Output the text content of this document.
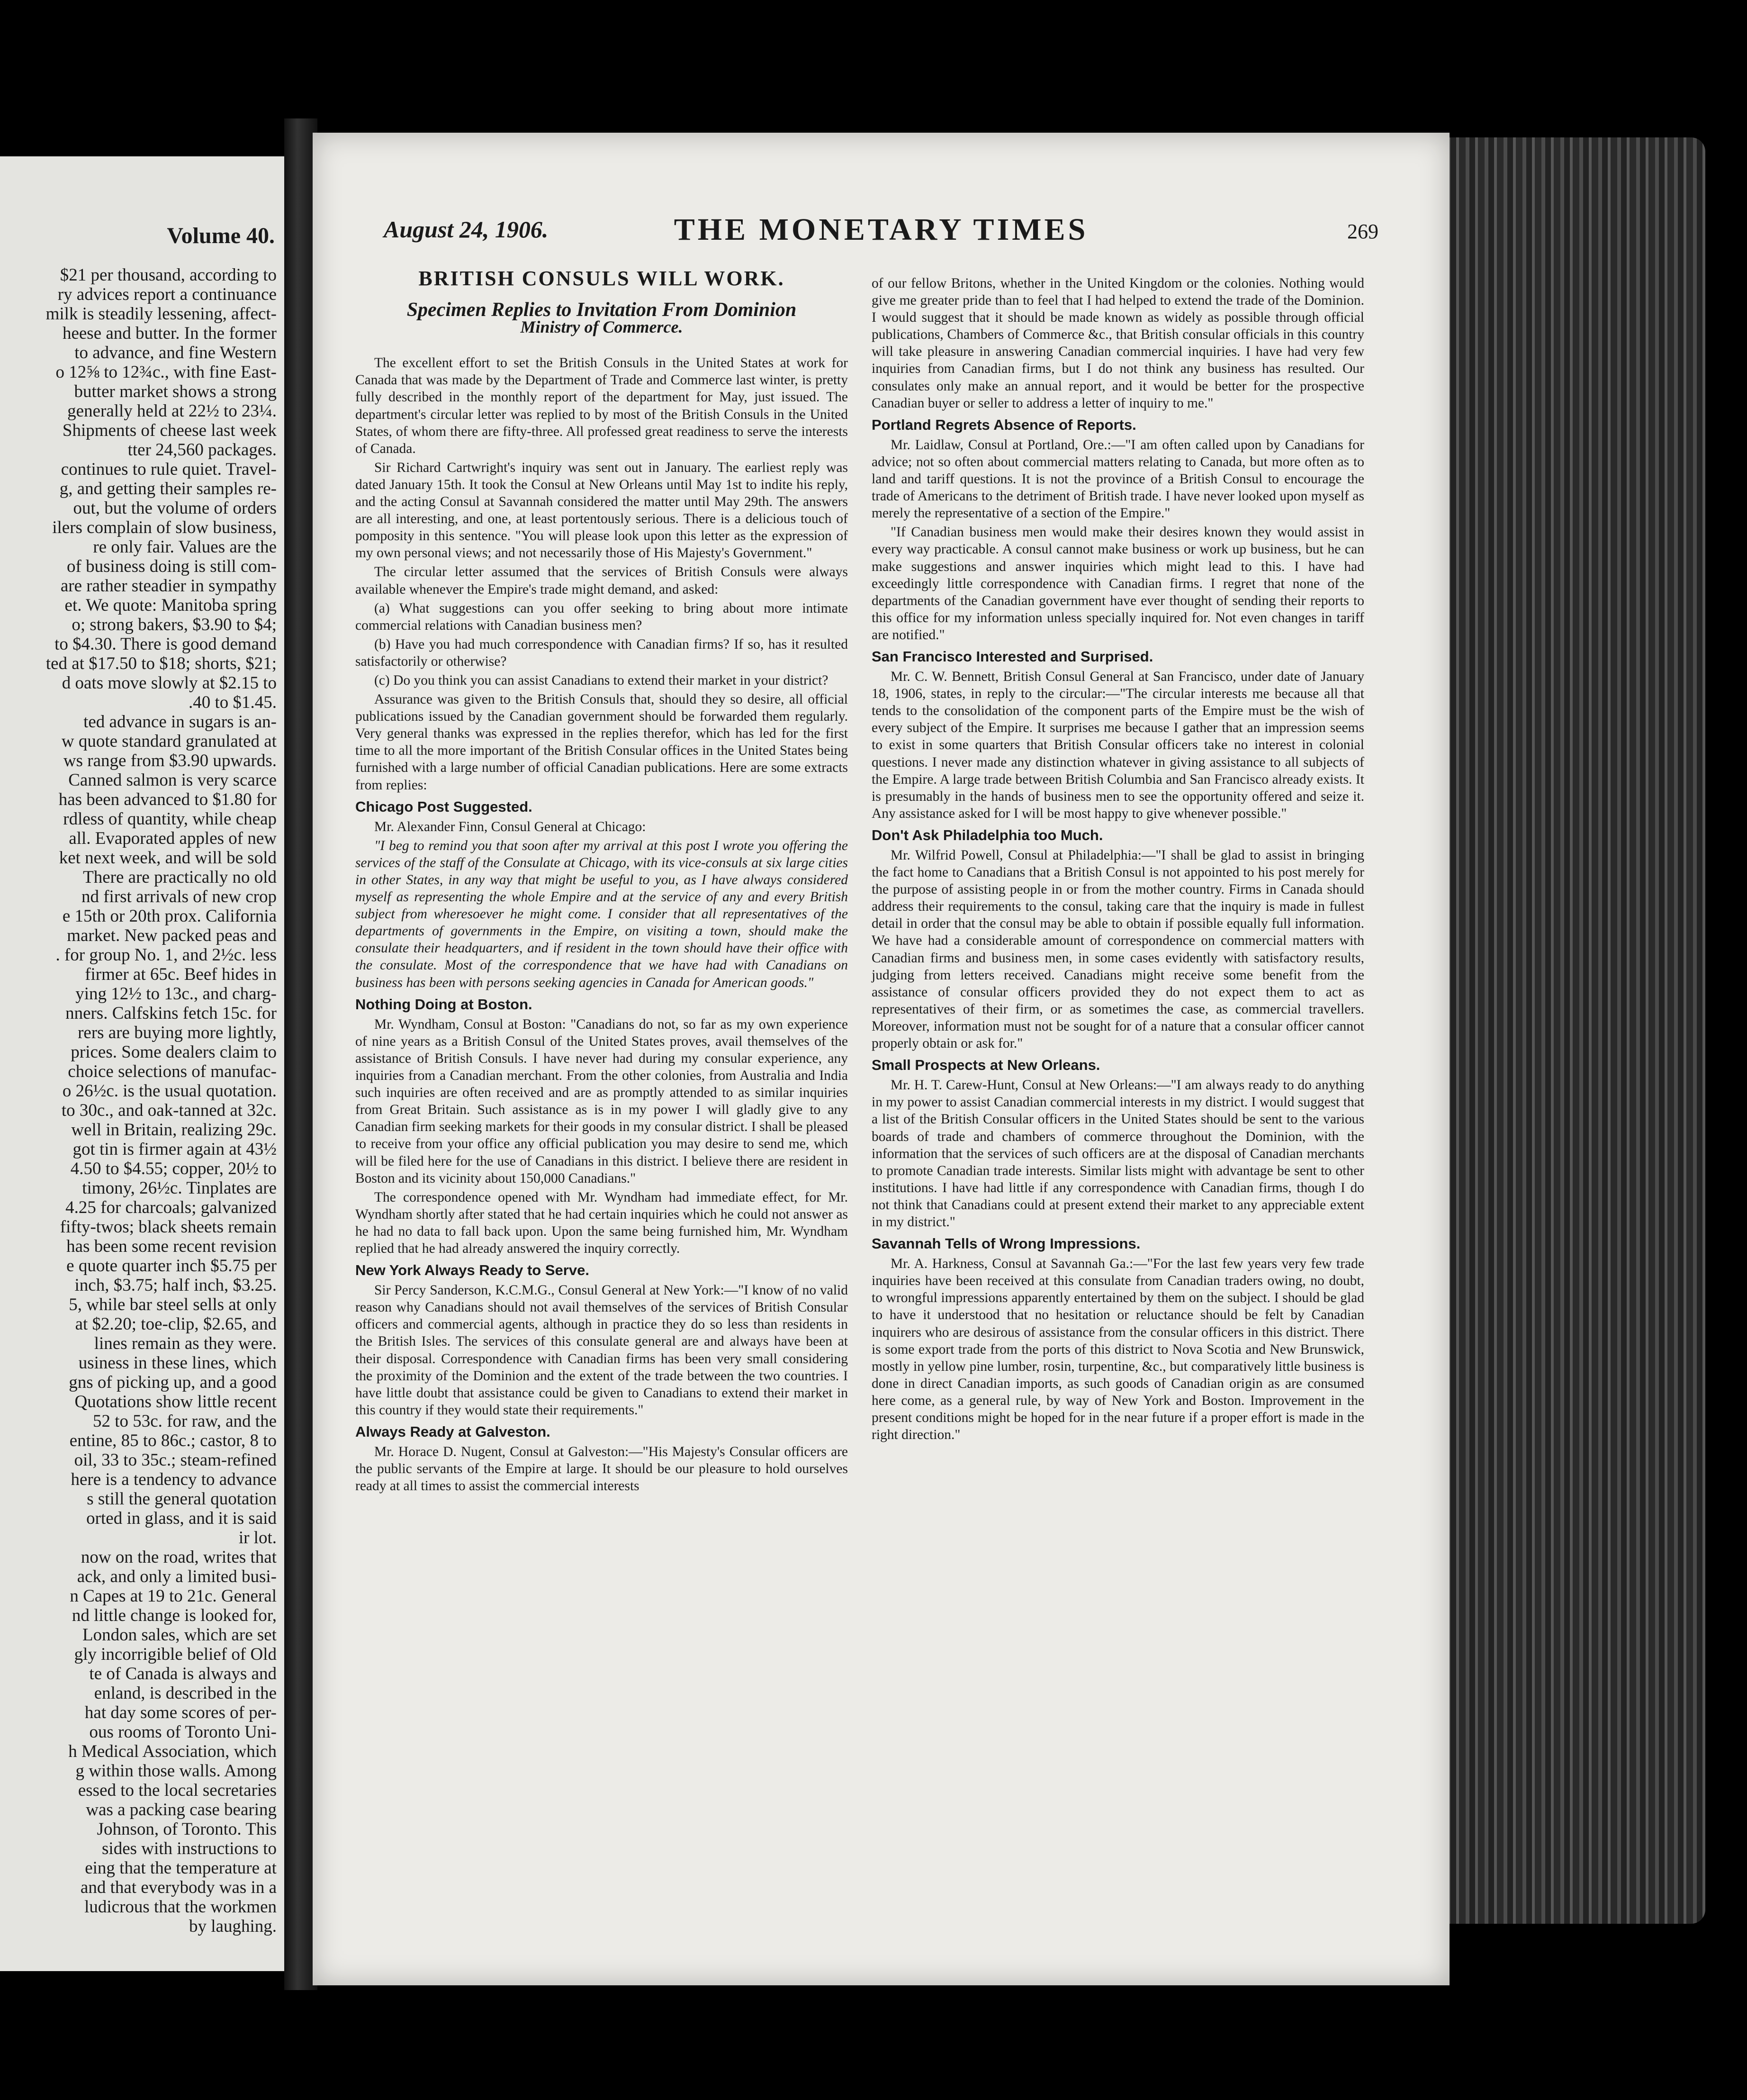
Volume 40.
$21 per thousand, according to
ry advices report a continuance
milk is steadily lessening, affect-
heese and butter. In the former
to advance, and fine Western
o 12⅝ to 12¾c., with fine East-
butter market shows a strong
generally held at 22½ to 23¼.
Shipments of cheese last week
tter 24,560 packages.
continues to rule quiet. Travel-
g, and getting their samples re-
out, but the volume of orders
ilers complain of slow business,
re only fair. Values are the
of business doing is still com-
are rather steadier in sympathy
et. We quote: Manitoba spring
o; strong bakers, $3.90 to $4;
to $4.30. There is good demand
ted at $17.50 to $18; shorts, $21;
d oats move slowly at $2.15 to
.40 to $1.45.
ted advance in sugars is an-
w quote standard granulated at
ws range from $3.90 upwards.
Canned salmon is very scarce
has been advanced to $1.80 for
rdless of quantity, while cheap
all. Evaporated apples of new
ket next week, and will be sold
There are practically no old
nd first arrivals of new crop
e 15th or 20th prox. California
market. New packed peas and
. for group No. 1, and 2½c. less
firmer at 65c. Beef hides in
ying 12½ to 13c., and charg-
nners. Calfskins fetch 15c. for
rers are buying more lightly,
prices. Some dealers claim to
choice selections of manufac-
o 26½c. is the usual quotation.
to 30c., and oak-tanned at 32c.
well in Britain, realizing 29c.
got tin is firmer again at 43½
4.50 to $4.55; copper, 20½ to
timony, 26½c. Tinplates are
4.25 for charcoals; galvanized
fifty-twos; black sheets remain
has been some recent revision
e quote quarter inch $5.75 per
inch, $3.75; half inch, $3.25.
5, while bar steel sells at only
at $2.20; toe-clip, $2.65, and
lines remain as they were.
usiness in these lines, which
gns of picking up, and a good
Quotations show little recent
52 to 53c. for raw, and the
entine, 85 to 86c.; castor, 8 to
oil, 33 to 35c.; steam-refined
here is a tendency to advance
s still the general quotation
orted in glass, and it is said
ir lot.
now on the road, writes that
ack, and only a limited busi-
n Capes at 19 to 21c. General
nd little change is looked for,
London sales, which are set
gly incorrigible belief of Old
te of Canada is always and
enland, is described in the
hat day some scores of per-
ous rooms of Toronto Uni-
h Medical Association, which
g within those walls. Among
essed to the local secretaries
was a packing case bearing
Johnson, of Toronto. This
sides with instructions to
eing that the temperature at
and that everybody was in a
ludicrous that the workmen
by laughing.
August 24, 1906.	THE MONETARY TIMES	269
BRITISH CONSULS WILL WORK.
Specimen Replies to Invitation From Dominion
Ministry of Commerce.

The excellent effort to set the British Consuls in the United States at work for Canada that was made by the Department of Trade and Commerce last winter, is pretty fully described in the monthly report of the department for May, just issued. The department's circular letter was replied to by most of the British Consuls in the United States, of whom there are fifty-three. All professed great readiness to serve the interests of Canada.

Sir Richard Cartwright's inquiry was sent out in January. The earliest reply was dated January 15th. It took the Consul at New Orleans until May 1st to indite his reply, and the acting Consul at Savannah considered the matter until May 29th. The answers are all interesting, and one, at least portentously serious. There is a delicious touch of pomposity in this sentence. "You will please look upon this letter as the expression of my own personal views; and not necessarily those of His Majesty's Government."

The circular letter assumed that the services of British Consuls were always available whenever the Empire's trade might demand, and asked:

(a) What suggestions can you offer seeking to bring about more intimate commercial relations with Canadian business men?

(b) Have you had much correspondence with Canadian firms? If so, has it resulted satisfactorily or otherwise?

(c) Do you think you can assist Canadians to extend their market in your district?

Assurance was given to the British Consuls that, should they so desire, all official publications issued by the Canadian government should be forwarded them regularly. Very general thanks was expressed in the replies therefor, which has led for the first time to all the more important of the British Consular offices in the United States being furnished with a large number of official Canadian publications. Here are some extracts from replies:

Chicago Post Suggested.

Mr. Alexander Finn, Consul General at Chicago:

"I beg to remind you that soon after my arrival at this post I wrote you offering the services of the staff of the Consulate at Chicago, with its vice-consuls at six large cities in other States, in any way that might be useful to you, as I have always considered myself as representing the whole Empire and at the service of any and every British subject from wheresoever he might come. I consider that all representatives of the departments of governments in the Empire, on visiting a town, should make the consulate their headquarters, and if resident in the town should have their office with the consulate. Most of the correspondence that we have had with Canadians on business has been with persons seeking agencies in Canada for American goods."

Nothing Doing at Boston.

Mr. Wyndham, Consul at Boston: "Canadians do not, so far as my own experience of nine years as a British Consul of the United States proves, avail themselves of the assistance of British Consuls. I have never had during my consular experience, any inquiries from a Canadian merchant. From the other colonies, from Australia and India such inquiries are often received and are as promptly attended to as similar inquiries from Great Britain. Such assistance as is in my power I will gladly give to any Canadian firm seeking markets for their goods in my consular district. I shall be pleased to receive from your office any official publication you may desire to send me, which will be filed here for the use of Canadians in this district. I believe there are resident in Boston and its vicinity about 150,000 Canadians."

The correspondence opened with Mr. Wyndham had immediate effect, for Mr. Wyndham shortly after stated that he had certain inquiries which he could not answer as he had no data to fall back upon. Upon the same being furnished him, Mr. Wyndham replied that he had already answered the inquiry correctly.

New York Always Ready to Serve.

Sir Percy Sanderson, K.C.M.G., Consul General at New York:—"I know of no valid reason why Canadians should not avail themselves of the services of British Consular officers and commercial agents, although in practice they do so less than residents in the British Isles. The services of this consulate general are and always have been at their disposal. Correspondence with Canadian firms has been very small considering the proximity of the Dominion and the extent of the trade between the two countries. I have little doubt that assistance could be given to Canadians to extend their market in this country if they would state their requirements."

Always Ready at Galveston.

Mr. Horace D. Nugent, Consul at Galveston:—"His Majesty's Consular officers are the public servants of the Empire at large. It should be our pleasure to hold ourselves ready at all times to assist the commercial interests

of our fellow Britons, whether in the United Kingdom or the colonies. Nothing would give me greater pride than to feel that I had helped to extend the trade of the Dominion. I would suggest that it should be made known as widely as possible through official publications, Chambers of Commerce &c., that British consular officials in this country will take pleasure in answering Canadian commercial inquiries. I have had very few inquiries from Canadian firms, but I do not think any business has resulted. Our consulates only make an annual report, and it would be better for the prospective Canadian buyer or seller to address a letter of inquiry to me."

Portland Regrets Absence of Reports.

Mr. Laidlaw, Consul at Portland, Ore.:—"I am often called upon by Canadians for advice; not so often about commercial matters relating to Canada, but more often as to land and tariff questions. It is not the province of a British Consul to encourage the trade of Americans to the detriment of British trade. I have never looked upon myself as merely the representative of a section of the Empire."

"If Canadian business men would make their desires known they would assist in every way practicable. A consul cannot make business or work up business, but he can make suggestions and answer inquiries which might lead to this. I have had exceedingly little correspondence with Canadian firms. I regret that none of the departments of the Canadian government have ever thought of sending their reports to this office for my information unless specially inquired for. Not even changes in tariff are notified."

San Francisco Interested and Surprised.

Mr. C. W. Bennett, British Consul General at San Francisco, under date of January 18, 1906, states, in reply to the circular:—"The circular interests me because all that tends to the consolidation of the component parts of the Empire must be the wish of every subject of the Empire. It surprises me because I gather that an impression seems to exist in some quarters that British Consular officers take no interest in colonial questions. I never made any distinction whatever in giving assistance to all subjects of the Empire. A large trade between British Columbia and San Francisco already exists. It is presumably in the hands of business men to see the opportunity offered and seize it. Any assistance asked for I will be most happy to give whenever possible."

Don't Ask Philadelphia too Much.

Mr. Wilfrid Powell, Consul at Philadelphia:—"I shall be glad to assist in bringing the fact home to Canadians that a British Consul is not appointed to his post merely for the purpose of assisting people in or from the mother country. Firms in Canada should address their requirements to the consul, taking care that the inquiry is made in fullest detail in order that the consul may be able to obtain if possible equally full information. We have had a considerable amount of correspondence on commercial matters with Canadian firms and business men, in some cases evidently with satisfactory results, judging from letters received. Canadians might receive some benefit from the assistance of consular officers provided they do not expect them to act as representatives of their firm, or as sometimes the case, as commercial travellers. Moreover, information must not be sought for of a nature that a consular officer cannot properly obtain or ask for."

Small Prospects at New Orleans.

Mr. H. T. Carew-Hunt, Consul at New Orleans:—"I am always ready to do anything in my power to assist Canadian commercial interests in my district. I would suggest that a list of the British Consular officers in the United States should be sent to the various boards of trade and chambers of commerce throughout the Dominion, with the information that the services of such officers are at the disposal of Canadian merchants to promote Canadian trade interests. Similar lists might with advantage be sent to other institutions. I have had little if any correspondence with Canadian firms, though I do not think that Canadians could at present extend their market to any appreciable extent in my district."

Savannah Tells of Wrong Impressions.

Mr. A. Harkness, Consul at Savannah Ga.:—"For the last few years very few trade inquiries have been received at this consulate from Canadian traders owing, no doubt, to wrongful impressions apparently entertained by them on the subject. I should be glad to have it understood that no hesitation or reluctance should be felt by Canadian inquirers who are desirous of assistance from the consular officers in this district. There is some export trade from the ports of this district to Nova Scotia and New Brunswick, mostly in yellow pine lumber, rosin, turpentine, &c., but comparatively little business is done in direct Canadian imports, as such goods of Canadian origin as are consumed here come, as a general rule, by way of New York and Boston. Improvement in the present conditions might be hoped for in the near future if a proper effort is made in the right direction."
